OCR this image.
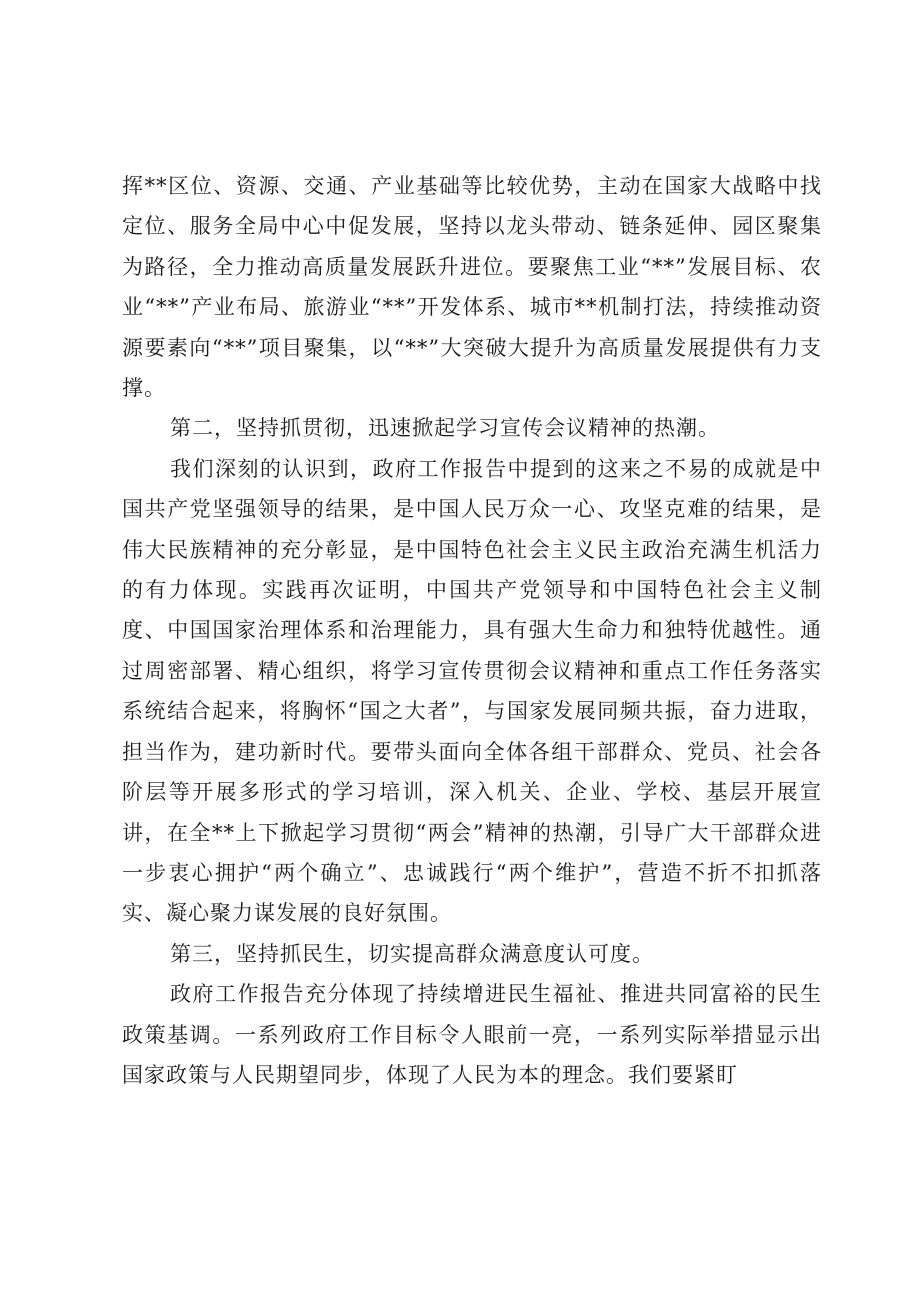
挥**区位、资源、交通、产业基础等比较优势，主动在国家大战略中找定位、服务全局中心中促发展，坚持以龙头带动、链条延伸、园区聚集为路径，全力推动高质量发展跃升进位。要聚焦工业“**”发展目标、农业“**”产业布局、旅游业“**”开发体系、城市**机制打法，持续推动资源要素向“**”项目聚集，以“**”大突破大提升为高质量发展提供有力支撑。

第二，坚持抓贯彻，迅速掀起学习宣传会议精神的热潮。

我们深刻的认识到，政府工作报告中提到的这来之不易的成就是中国共产党坚强领导的结果，是中国人民万众一心、攻坚克难的结果，是伟大民族精神的充分彰显，是中国特色社会主义民主政治充满生机活力的有力体现。实践再次证明，中国共产党领导和中国特色社会主义制度、中国国家治理体系和治理能力，具有强大生命力和独特优越性。通过周密部署、精心组织，将学习宣传贯彻会议精神和重点工作任务落实系统结合起来，将胸怀“国之大者”，与国家发展同频共振，奋力进取，担当作为，建功新时代。要带头面向全体各组干部群众、党员、社会各阶层等开展多形式的学习培训，深入机关、企业、学校、基层开展宣讲，在全**上下掀起学习贯彻“两会”精神的热潮，引导广大干部群众进一步衷心拥护“两个确立”、忠诚践行“两个维护”，营造不折不扣抓落实、凝心聚力谋发展的良好氛围。

第三，坚持抓民生，切实提高群众满意度认可度。

政府工作报告充分体现了持续增进民生福祉、推进共同富裕的民生政策基调。一系列政府工作目标令人眼前一亮，一系列实际举措显示出国家政策与人民期望同步，体现了人民为本的理念。我们要紧盯
